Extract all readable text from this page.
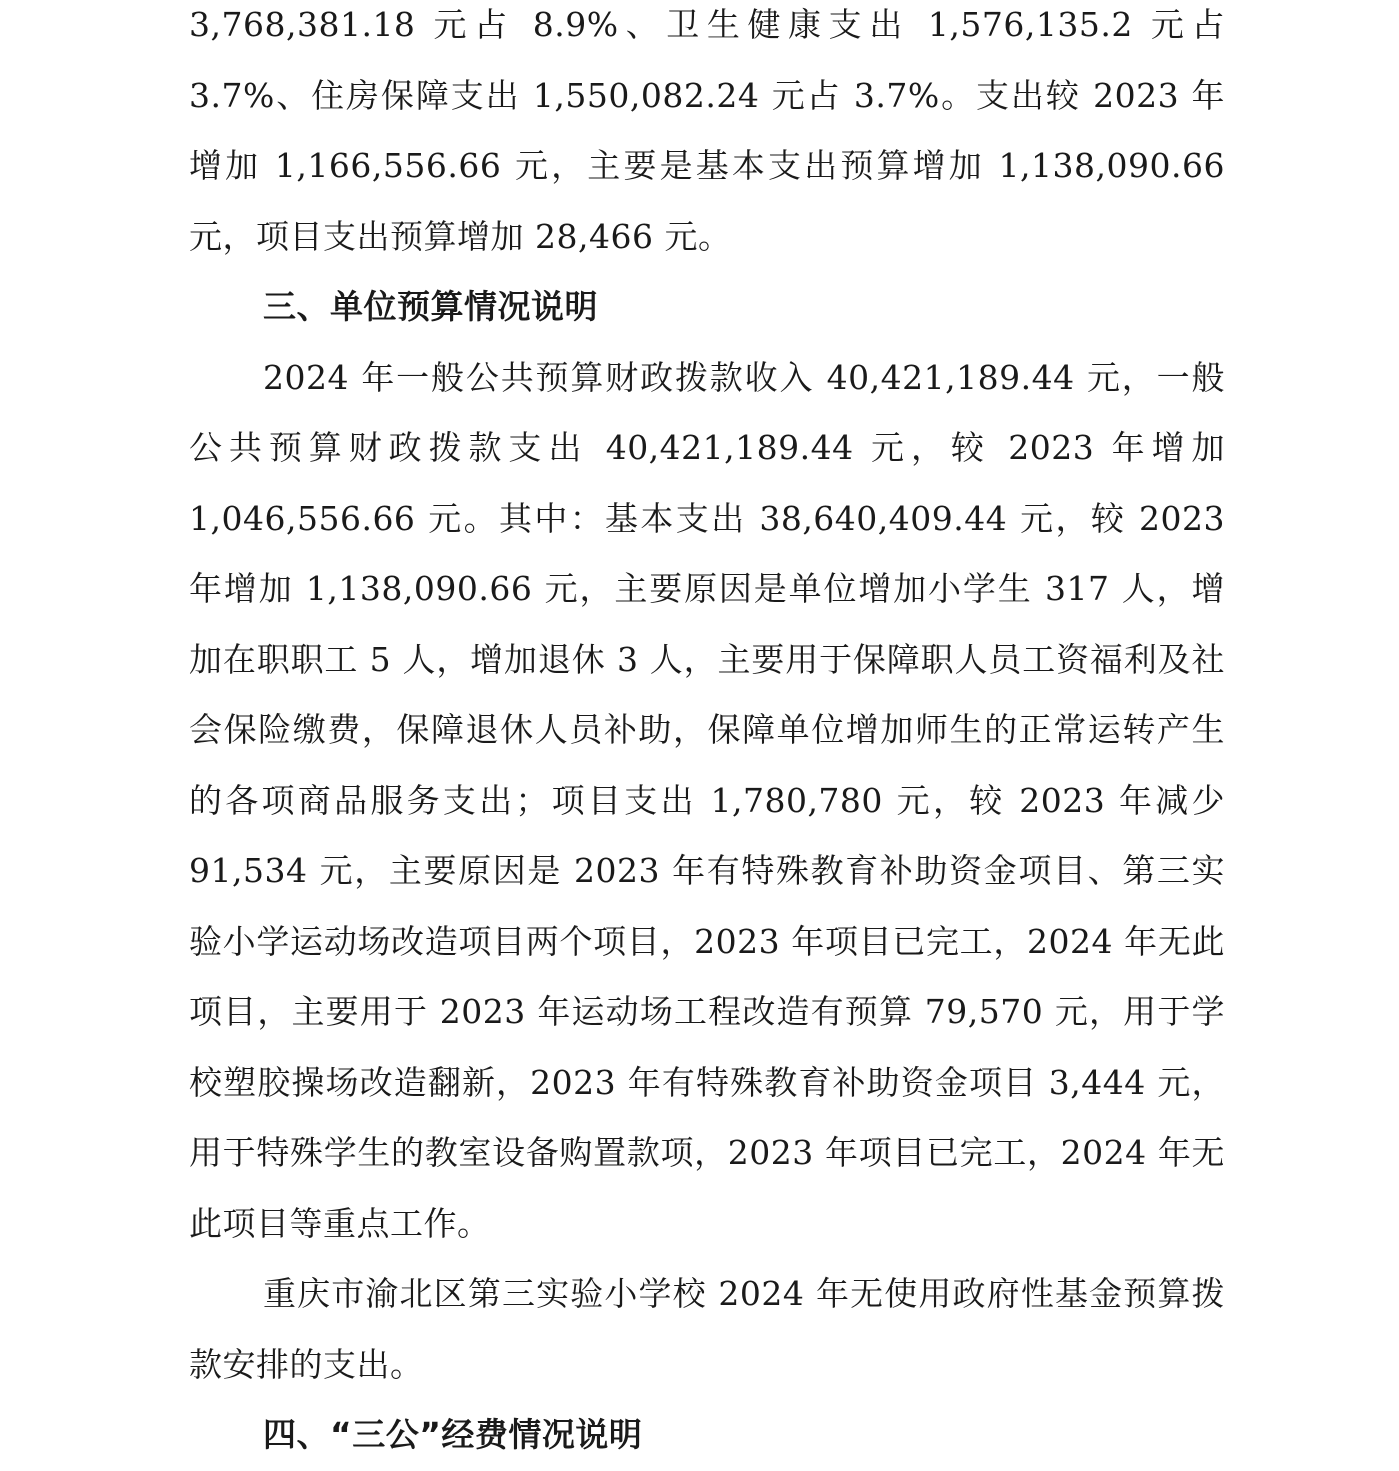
3,768,381.18 元占 8.9%、卫生健康支出 1,576,135.2 元占 3.7%、住房保障支出 1,550,082.24 元占 3.7%。支出较 2023 年增加 1,166,556.66 元，主要是基本支出预算增加 1,138,090.66 元，项目支出预算增加 28,466 元。

三、单位预算情况说明

2024 年一般公共预算财政拨款收入 40,421,189.44 元，一般公共预算财政拨款支出 40,421,189.44 元，较 2023 年增加 1,046,556.66 元。其中：基本支出 38,640,409.44 元，较 2023 年增加 1,138,090.66 元，主要原因是单位增加小学生 317 人，增加在职职工 5 人，增加退休 3 人，主要用于保障职人员工资福利及社会保险缴费，保障退休人员补助，保障单位增加师生的正常运转产生的各项商品服务支出；项目支出 1,780,780 元，较 2023 年减少 91,534 元，主要原因是 2023 年有特殊教育补助资金项目、第三实验小学运动场改造项目两个项目，2023 年项目已完工，2024 年无此项目，主要用于 2023 年运动场工程改造有预算 79,570 元，用于学校塑胶操场改造翻新，2023 年有特殊教育补助资金项目 3,444 元，用于特殊学生的教室设备购置款项，2023 年项目已完工，2024 年无此项目等重点工作。

重庆市渝北区第三实验小学校 2024 年无使用政府性基金预算拨款安排的支出。

四、“三公”经费情况说明
